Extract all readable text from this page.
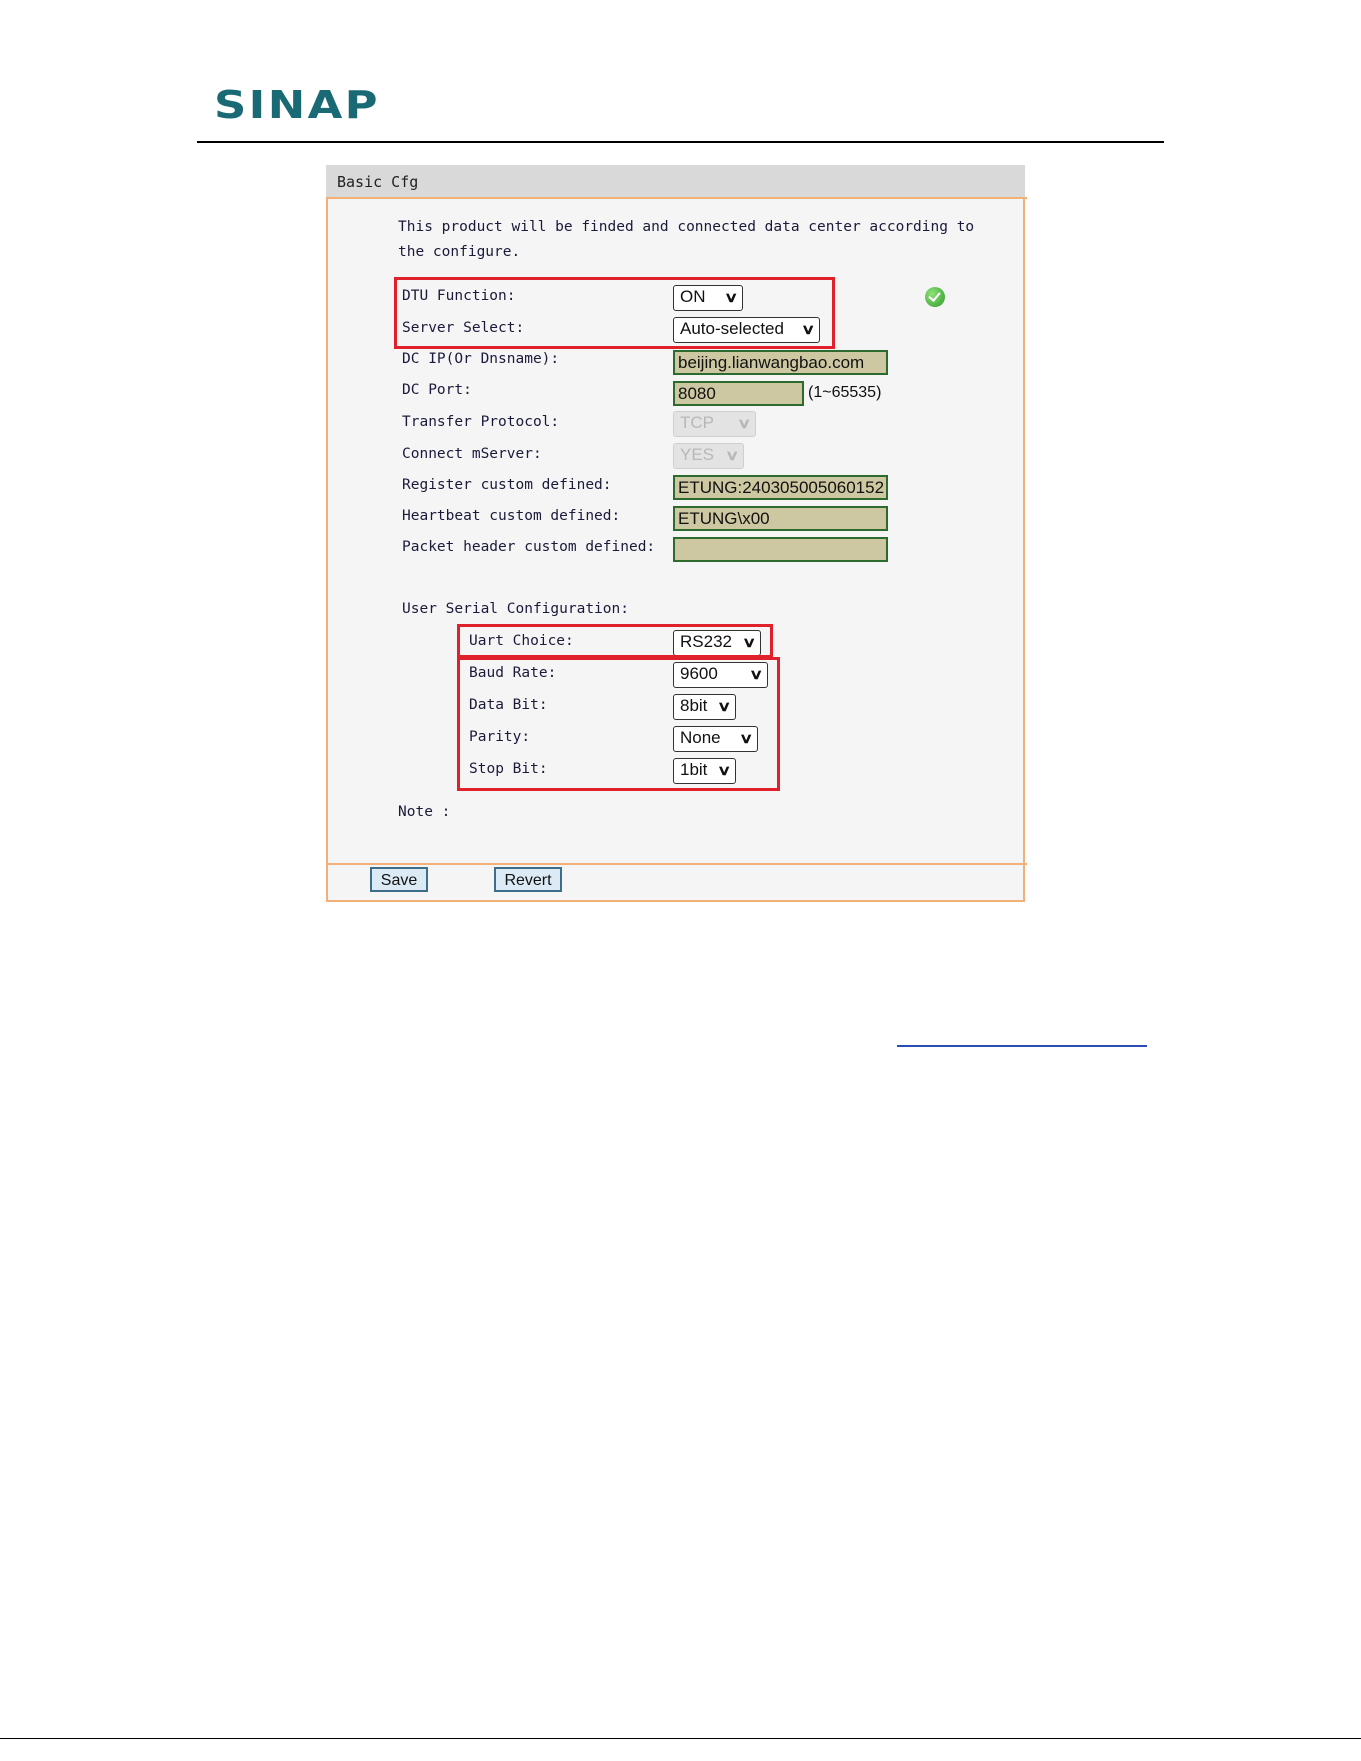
SINAP
Basic Cfg
This product will be finded and connected data center according to
the configure.
DTU Function:	ON ∨
Server Select:	Auto-selected ∨
DC IP(Or Dnsname):	beijing.lianwangbao.com
DC Port:	8080	(1~65535)
Transfer Protocol:	TCP ∨
Connect mServer:	YES ∨
Register custom defined:	ETUNG:240305005060152
Heartbeat custom defined:	ETUNG\x00
Packet header custom defined:
User Serial Configuration:
Uart Choice:	RS232 ∨
Baud Rate:	9600 ∨
Data Bit:	8bit ∨
Parity:	None ∨
Stop Bit:	1bit ∨
Note :
Save	Revert
